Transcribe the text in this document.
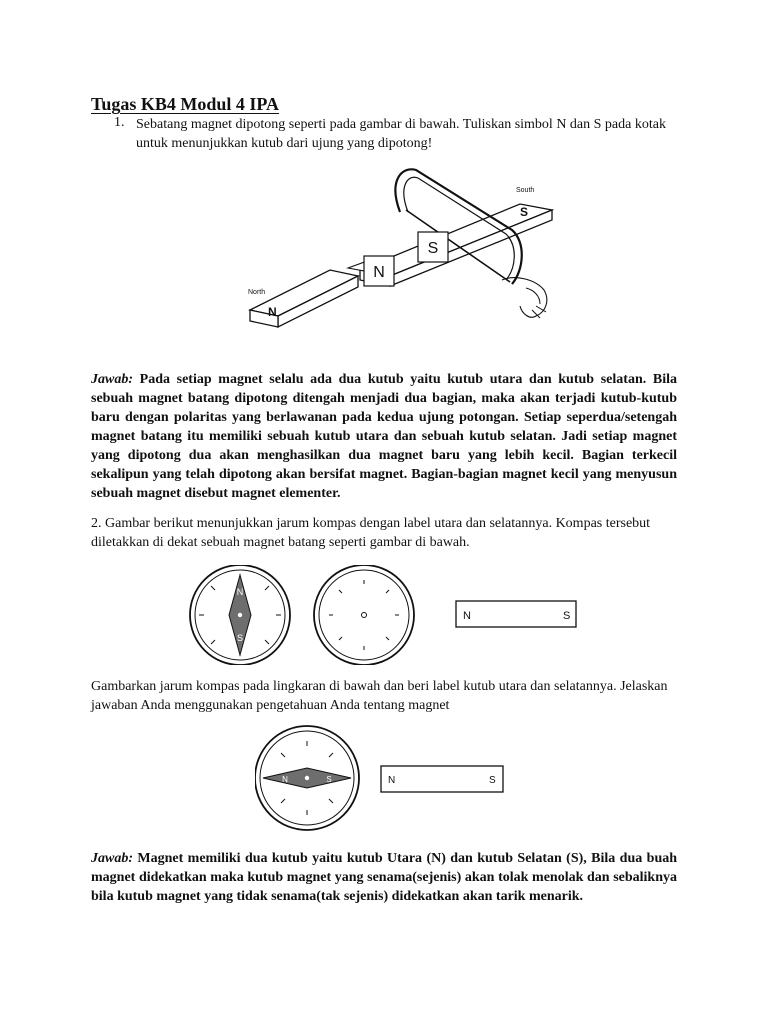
Tugas KB4 Modul 4 IPA
1. Sebatang magnet dipotong seperti pada gambar di bawah. Tuliskan simbol N dan S pada kotak untuk menunjukkan kutub dari ujung yang dipotong!
South
North
S
N
S
N
Jawab: Pada setiap magnet selalu ada dua kutub yaitu kutub utara dan kutub selatan. Bila sebuah magnet batang dipotong ditengah menjadi dua bagian, maka akan terjadi kutub-kutub baru dengan polaritas yang berlawanan pada kedua ujung potongan. Setiap seperdua/setengah magnet batang itu memiliki sebuah kutub utara dan sebuah kutub selatan. Jadi setiap magnet yang dipotong dua akan menghasilkan dua magnet baru yang lebih kecil. Bagian terkecil sekalipun yang telah dipotong akan bersifat magnet. Bagian-bagian magnet kecil yang menyusun sebuah magnet disebut magnet elementer.
2. Gambar berikut menunjukkan jarum kompas dengan label utara dan selatannya. Kompas tersebut diletakkan di dekat sebuah magnet batang seperti gambar di bawah.
N
S
N	S
Gambarkan jarum kompas pada lingkaran di bawah dan beri label kutub utara dan selatannya. Jelaskan jawaban Anda menggunakan pengetahuan Anda tentang magnet
N	S	N	S
Jawab: Magnet memiliki dua kutub yaitu kutub Utara (N) dan kutub Selatan (S), Bila dua buah magnet didekatkan maka kutub magnet yang senama(sejenis) akan tolak menolak dan sebaliknya bila kutub magnet yang tidak senama(tak sejenis) didekatkan akan tarik menarik.
